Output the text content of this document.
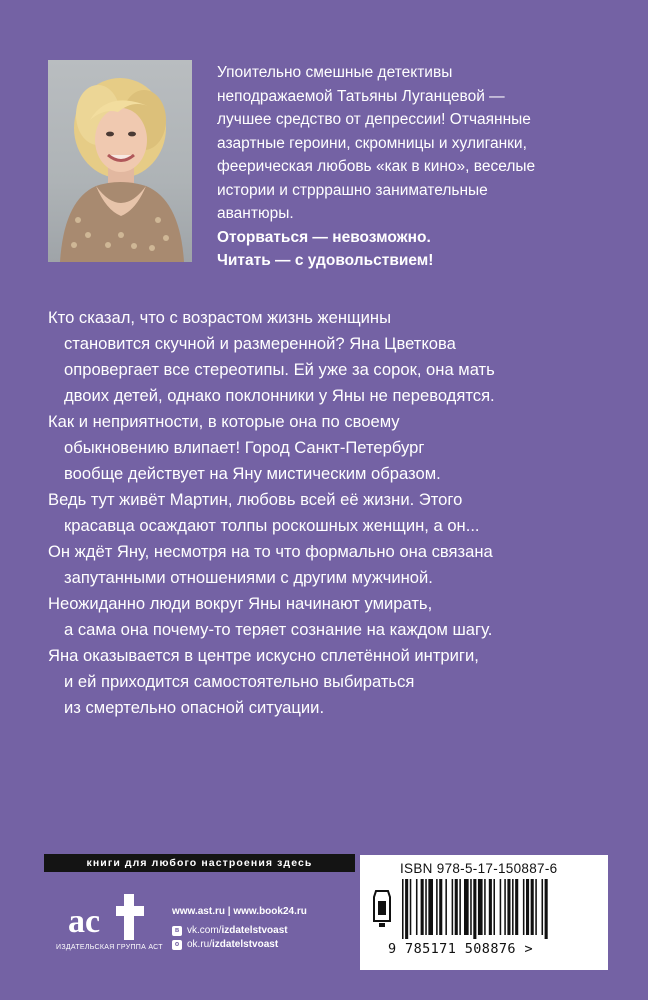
Упоительно смешные детективы

неподражаемой Татьяны Луганцевой —

лучшее средство от депрессии! Отчаянные

азартные героини, скромницы и хулиганки,

феерическая любовь «как в кино», веселые

истории и стрррашно занимательные

авантюры.

Оторваться — невозможно.

Читать — с удовольствием!

Кто сказал, что с возрастом жизнь женщины

становится скучной и размеренной? Яна Цветкова

опровергает все стереотипы. Ей уже за сорок, она мать

двоих детей, однако поклонники у Яны не переводятся.

Как и неприятности, в которые она по своему

обыкновению влипает! Город Санкт-Петербург

вообще действует на Яну мистическим образом.

Ведь тут живёт Мартин, любовь всей её жизни. Этого

красавца осаждают толпы роскошных женщин, а он...

Он ждёт Яну, несмотря на то что формально она связана

запутанными отношениями с другим мужчиной.

Неожиданно люди вокруг Яны начинают умирать,

а сама она почему-то теряет сознание на каждом шагу.

Яна оказывается в центре искусно сплетённой интриги,

и ей приходится самостоятельно выбираться

из смертельно опасной ситуации.

книги для любого настроения здесь
ac
ИЗДАТЕЛЬСКАЯ ГРУППА АСТ
www.ast.ru | www.book24.ru
в vk.com/izdatelstvoast
о ok.ru/izdatelstvoast
ISBN 978-5-17-150887-6
9 785171 508876 >
